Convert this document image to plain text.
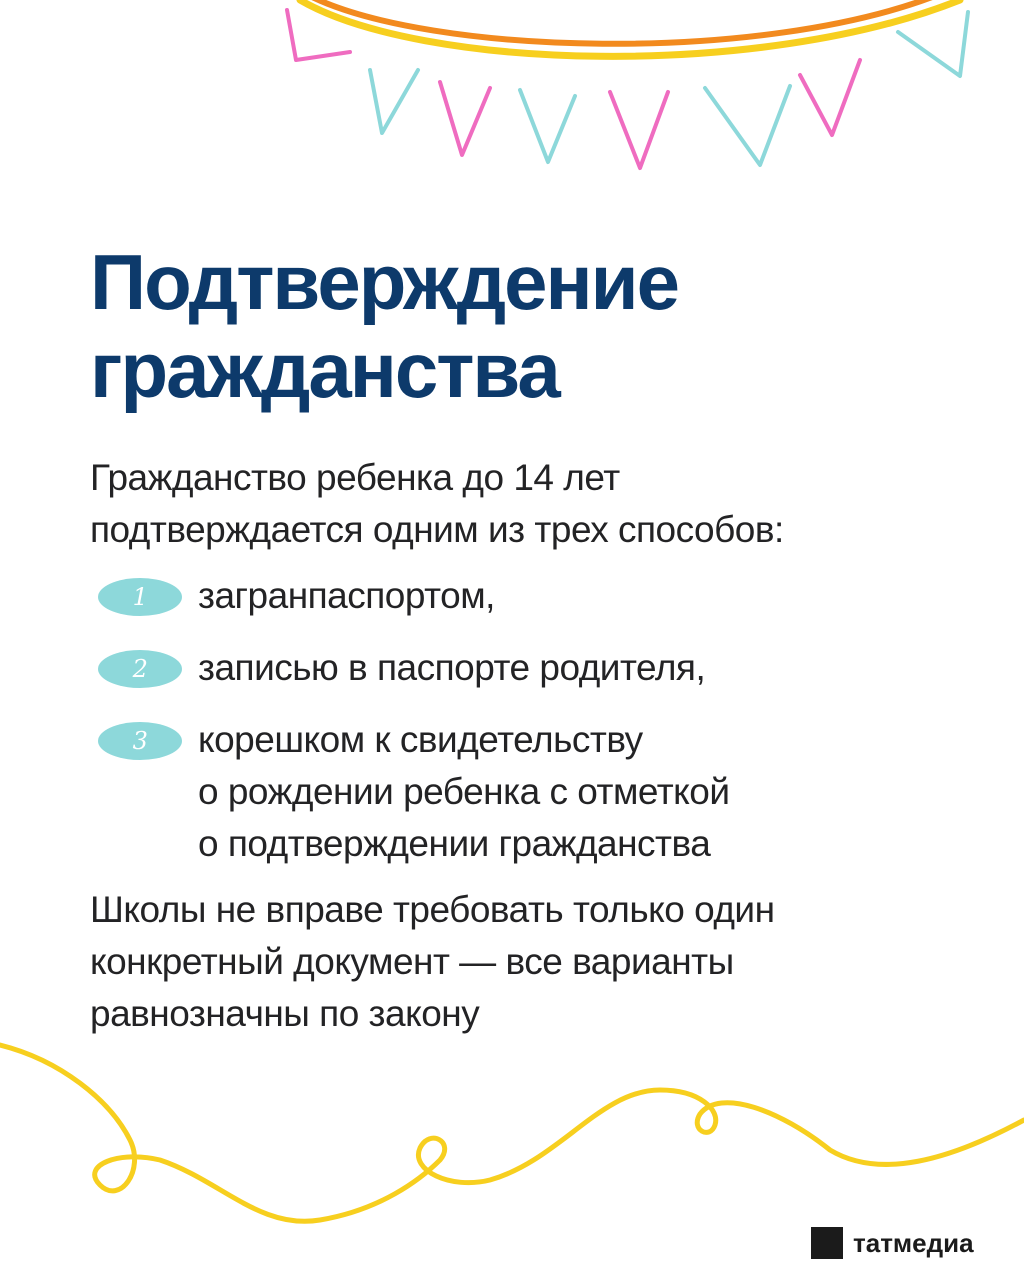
Подтверждение
гражданства

Гражданство ребенка до 14 лет
подтверждается одним из трех способов:

1	загранпаспортом,
2	записью в паспорте родителя,
3	корешком к свидетельству
о рождении ребенка с отметкой
о подтверждении гражданства

Школы не вправе требовать только один
конкретный документ — все варианты
равнозначны по закону

татмедиа
